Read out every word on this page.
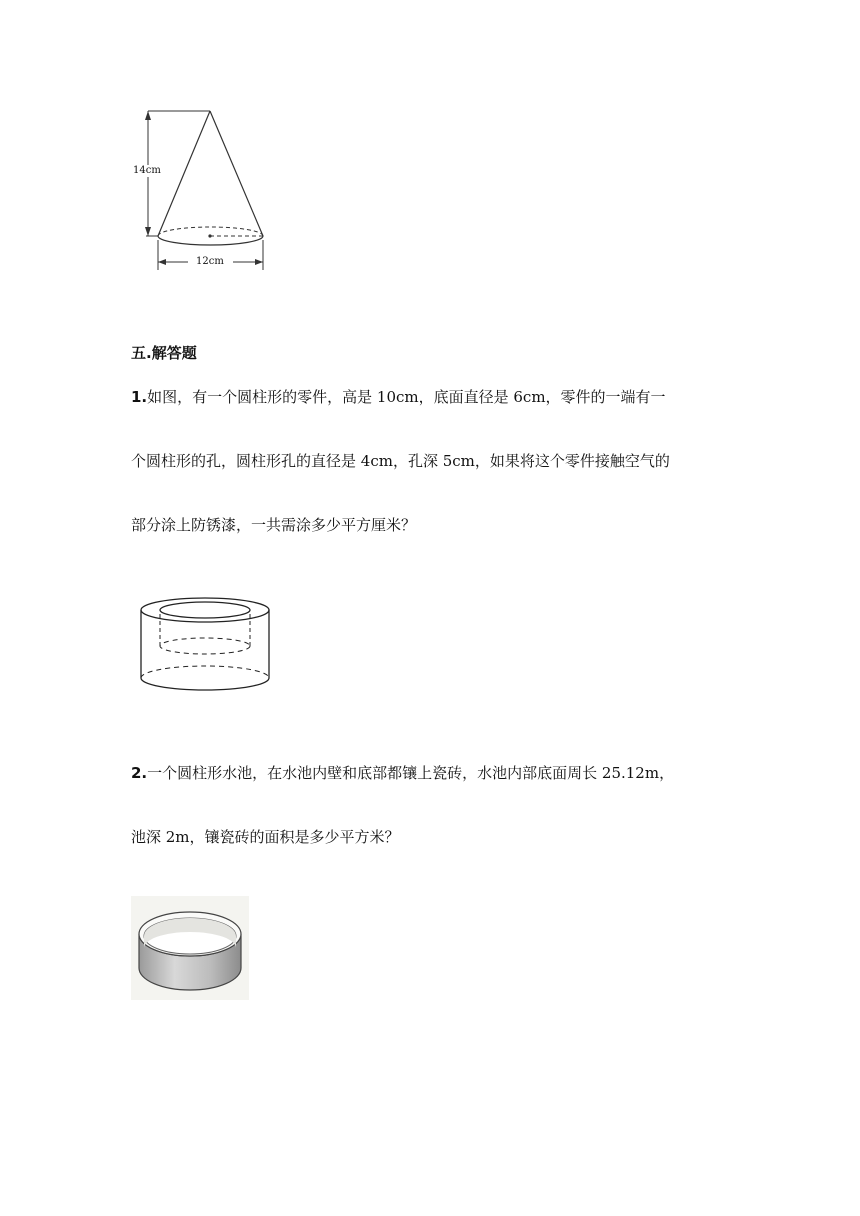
14cm
12cm
五.解答题
1.如图，有一个圆柱形的零件，高是 10cm，底面直径是 6cm，零件的一端有一
个圆柱形的孔，圆柱形孔的直径是 4cm，孔深 5cm，如果将这个零件接触空气的
部分涂上防锈漆，一共需涂多少平方厘米？
2.一个圆柱形水池，在水池内壁和底部都镶上瓷砖，水池内部底面周长 25.12m，
池深 2m，镶瓷砖的面积是多少平方米？
